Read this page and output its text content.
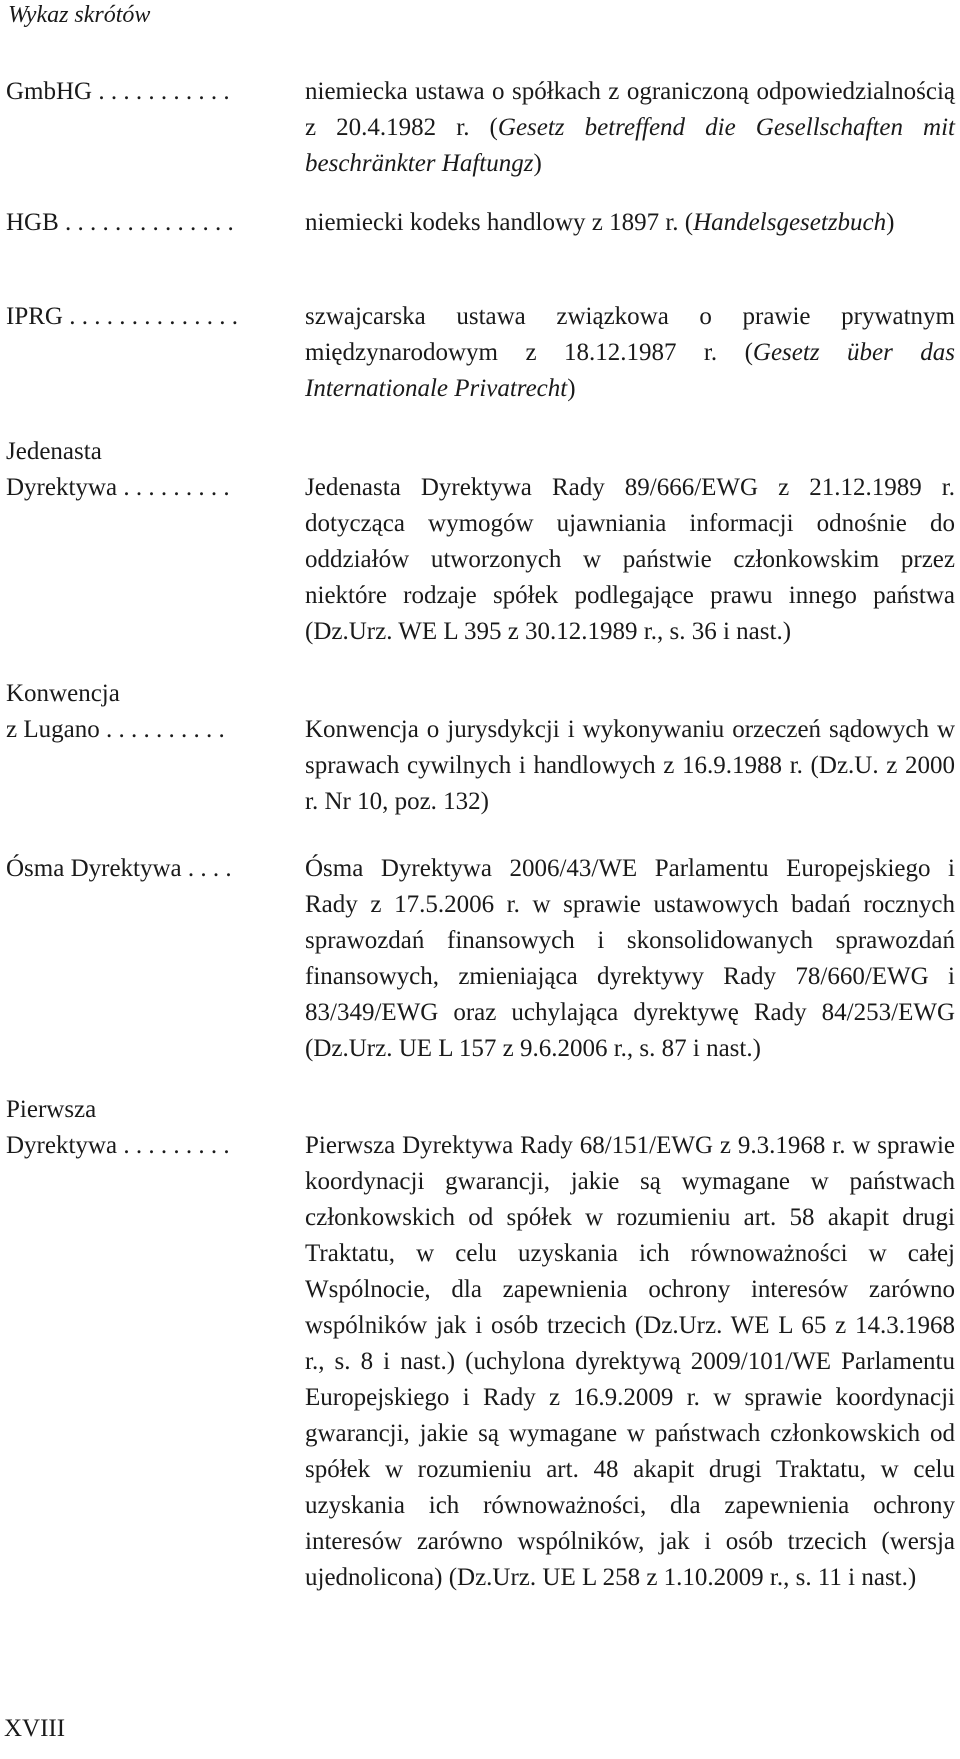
Wykaz skrótów
GmbHG . . . . . . . . . . .	niemiecka ustawa o spółkach z ograniczoną odpowiedzialnością z 20.4.1982 r. (Gesetz betreffend die Gesellschaften mit beschränkter Haftungz)
HGB . . . . . . . . . . . . . .	niemiecki kodeks handlowy z 1897 r. (Handelsgesetzbuch)
IPRG . . . . . . . . . . . . . .	szwajcarska ustawa związkowa o prawie prywatnym międzynarodowym z 18.12.1987 r. (Gesetz über das Internationale Privatrecht)
Jedenasta
Dyrektywa . . . . . . . . .	Jedenasta Dyrektywa Rady 89/666/EWG z 21.12.1989 r. dotycząca wymogów ujawniania informacji odnośnie do oddziałów utworzonych w państwie członkowskim przez niektóre rodzaje spółek podlegające prawu innego państwa (Dz.Urz. WE L 395 z 30.12.1989 r., s. 36 i nast.)
Konwencja
z Lugano . . . . . . . . . .	Konwencja o jurysdykcji i wykonywaniu orzeczeń sądowych w sprawach cywilnych i handlowych z 16.9.1988 r. (Dz.U. z 2000 r. Nr 10, poz. 132)
Ósma Dyrektywa . . . .	Ósma Dyrektywa 2006/43/WE Parlamentu Europejskiego i Rady z 17.5.2006 r. w sprawie ustawowych badań rocznych sprawozdań finansowych i skonsolidowanych sprawozdań finansowych, zmieniająca dyrektywy Rady 78/660/EWG i 83/349/EWG oraz uchylająca dyrektywę Rady 84/253/EWG (Dz.Urz. UE L 157 z 9.6.2006 r., s. 87 i nast.)
Pierwsza
Dyrektywa . . . . . . . . .	Pierwsza Dyrektywa Rady 68/151/EWG z 9.3.1968 r. w sprawie koordynacji gwarancji, jakie są wymagane w państwach członkowskich od spółek w rozumieniu art. 58 akapit drugi Traktatu, w celu uzyskania ich równoważności w całej Wspólnocie, dla zapewnienia ochrony interesów zarówno wspólników jak i osób trzecich (Dz.Urz. WE L 65 z 14.3.1968 r., s. 8 i nast.) (uchylona dyrektywą 2009/101/WE Parlamentu Europejskiego i Rady z 16.9.2009 r. w sprawie koordynacji gwarancji, jakie są wymagane w państwach członkowskich od spółek w rozumieniu art. 48 akapit drugi Traktatu, w celu uzyskania ich równoważności, dla zapewnienia ochrony interesów zarówno wspólników, jak i osób trzecich (wersja ujednolicona) (Dz.Urz. UE L 258 z 1.10.2009 r., s. 11 i nast.)
XVIII
